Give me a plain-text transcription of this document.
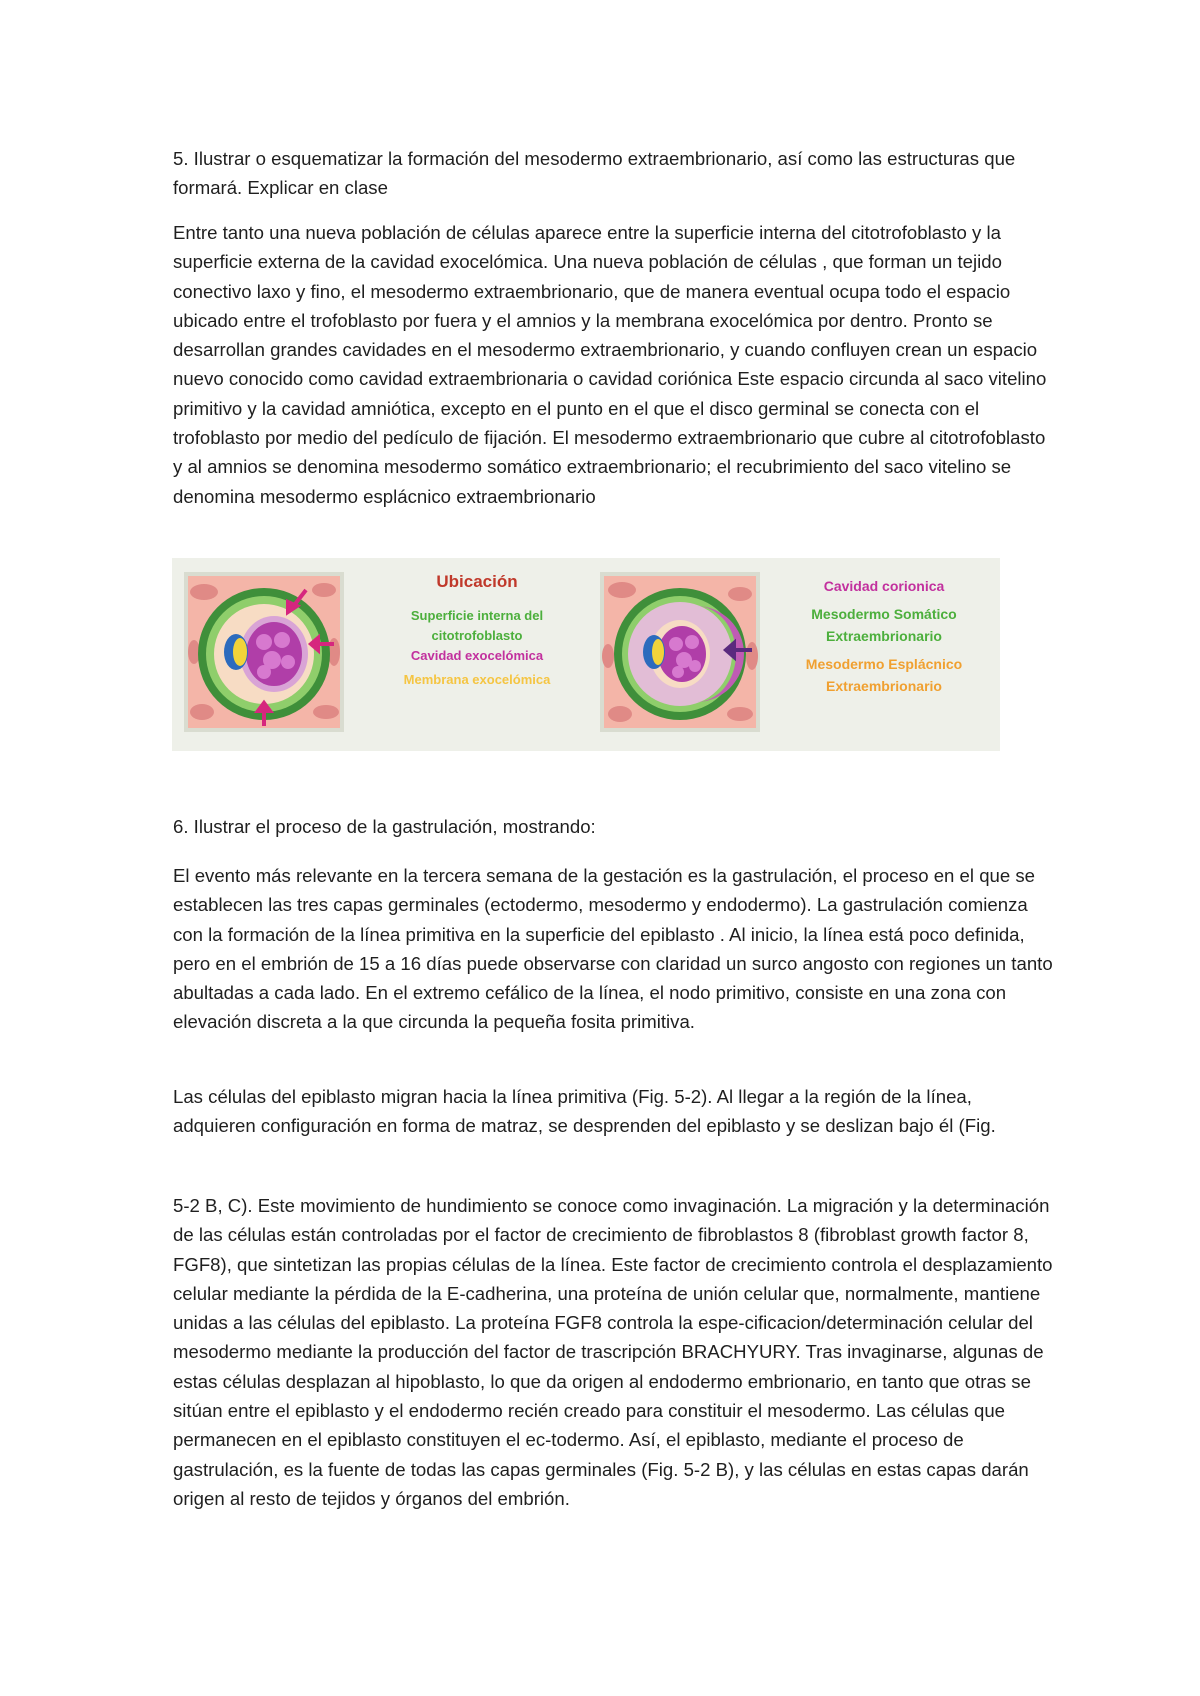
5. Ilustrar o esquematizar la formación del mesodermo extraembrionario, así como las estructuras que formará. Explicar en clase

Entre tanto una nueva población de células aparece entre la superficie interna del citotrofoblasto y la superficie externa de la cavidad exocelómica. Una nueva población de células , que forman un tejido conectivo laxo y fino, el mesodermo extraembrionario, que de manera eventual ocupa todo el espacio ubicado entre el trofoblasto por fuera y el amnios y la membrana exocelómica por dentro. Pronto se desarrollan grandes cavidades en el mesodermo extraembrionario, y cuando confluyen crean un espacio nuevo conocido como cavidad extraembrionaria o cavidad coriónica Este espacio circunda al saco vitelino primitivo y la cavidad amniótica, excepto en el punto en el que el disco germinal se conecta con el trofoblasto por medio del pedículo de fijación. El mesodermo extraembrionario que cubre al citotrofoblasto y al amnios se denomina mesodermo somático extraembrionario; el recubrimiento del saco vitelino se denomina mesodermo esplácnico extraembrionario

Ubicación
Superficie interna del
citotrofoblasto
Cavidad exocelómica
Membrana exocelómica
Cavidad corionica
Mesodermo Somático
Extraembrionario
Mesodermo Esplácnico
Extraembrionario

6. Ilustrar el proceso de la gastrulación, mostrando:

El evento más relevante en la tercera semana de la gestación es la gastrulación, el proceso en el que se establecen las tres capas germinales (ectodermo, mesodermo y endodermo). La gastrulación comienza con la formación de la línea primitiva en la superficie del epiblasto . Al inicio, la línea está poco definida, pero en el embrión de 15 a 16 días puede observarse con claridad un surco angosto con regiones un tanto abultadas a cada lado. En el extremo cefálico de la línea, el nodo primitivo, consiste en una zona con elevación discreta a la que circunda la pequeña fosita primitiva.

Las células del epiblasto migran hacia la línea primitiva (Fig. 5-2). Al llegar a la región de la línea, adquieren configuración en forma de matraz, se desprenden del epiblasto y se deslizan bajo él (Fig.

5-2 B, C). Este movimiento de hundimiento se conoce como invaginación. La migración y la determinación de las células están controladas por el factor de crecimiento de fibroblastos 8 (fibroblast growth factor 8, FGF8), que sintetizan las propias células de la línea. Este factor de crecimiento controla el desplazamiento celular mediante la pérdida de la E-cadherina, una proteína de unión celular que, normalmente, mantiene unidas a las células del epiblasto. La proteína FGF8 controla la espe-cificacion/determinación celular del mesodermo mediante la producción del factor de trascripción BRACHYURY. Tras invaginarse, algunas de estas células desplazan al hipoblasto, lo que da origen al endodermo embrionario, en tanto que otras se sitúan entre el epiblasto y el endodermo recién creado para constituir el mesodermo. Las células que permanecen en el epiblasto constituyen el ec-todermo. Así, el epiblasto, mediante el proceso de gastrulación, es la fuente de todas las capas germinales (Fig. 5-2 B), y las células en estas capas darán origen al resto de tejidos y órganos del embrión.
